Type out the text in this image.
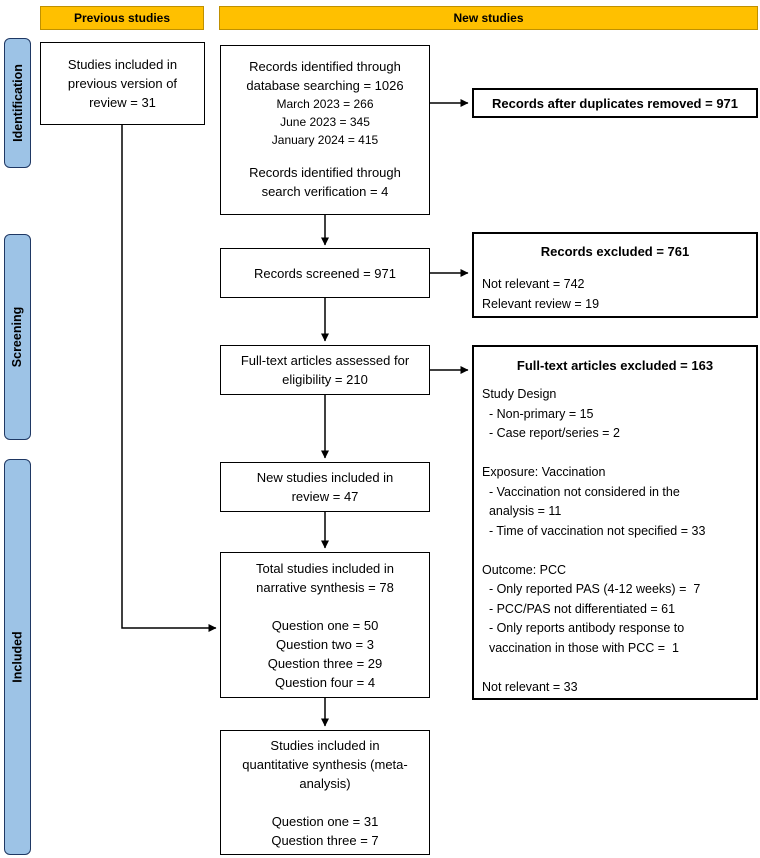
Previous studies	New studies
Identification
Screening
Included
Studies included in
previous version of
review = 31
Records identified through
database searching = 1026
March 2023 = 266
June 2023 = 345
January 2024 = 415
Records identified through
search verification = 4
Records screened = 971
Full-text articles assessed for
eligibility = 210
New studies included in
review = 47
Total studies included in
narrative synthesis = 78

Question one = 50
Question two = 3
Question three = 29
Question four = 4
Studies included in
quantitative synthesis (meta-
analysis)

Question one = 31
Question three = 7
Records after duplicates removed = 971
Records excluded = 761
Not relevant = 742
Relevant review = 19
Full-text articles excluded = 163
Study Design
- Non-primary = 15
- Case report/series = 2

Exposure: Vaccination
- Vaccination not considered in the
analysis = 11
- Time of vaccination not specified = 33

Outcome: PCC
- Only reported PAS (4-12 weeks) =  7
- PCC/PAS not differentiated = 61
- Only reports antibody response to
vaccination in those with PCC =  1

Not relevant = 33
